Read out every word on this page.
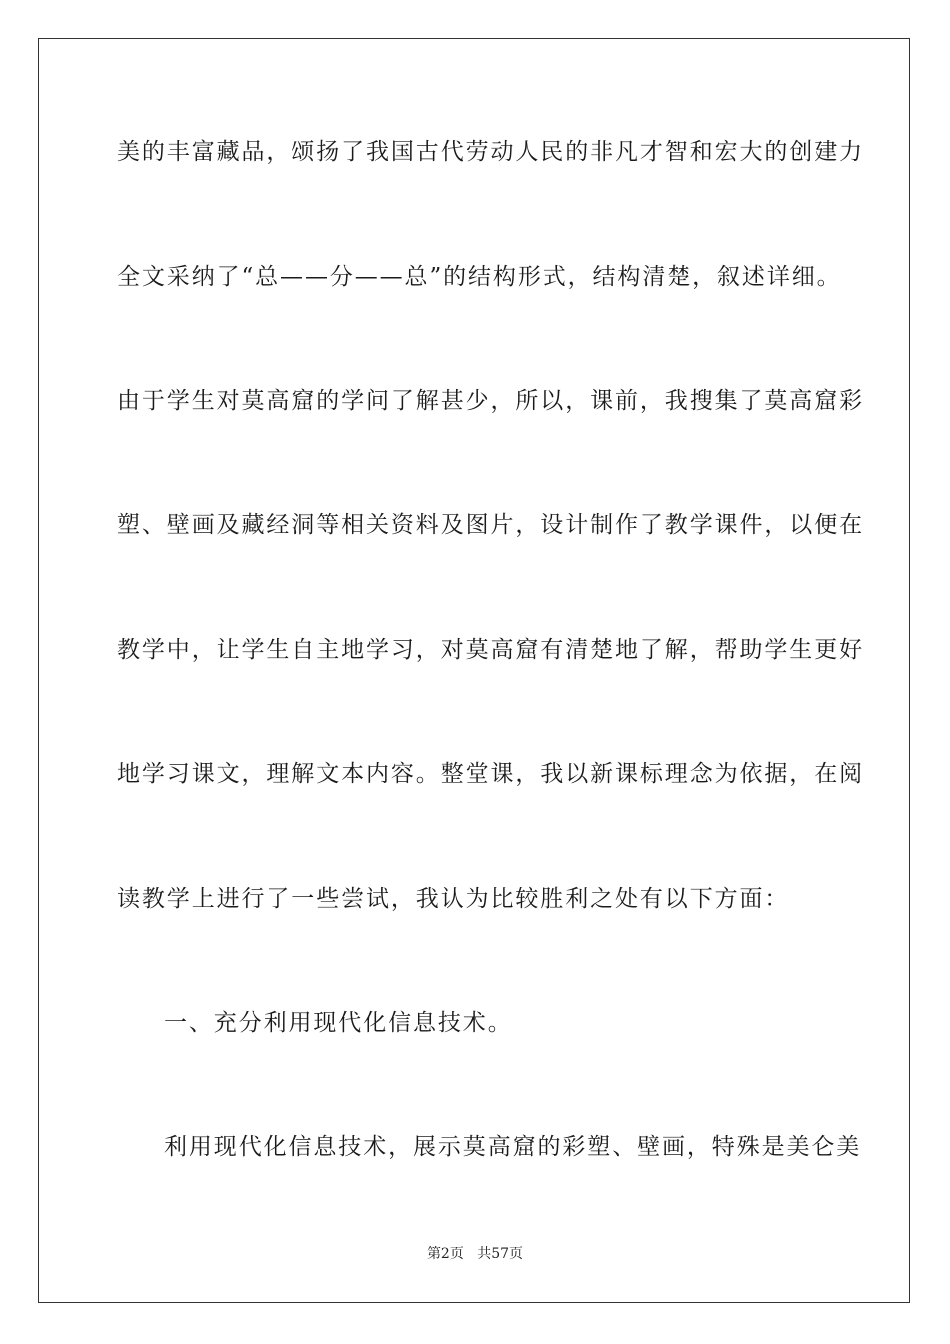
美的丰富藏品，颂扬了我国古代劳动人民的非凡才智和宏大的创建力
全文采纳了“总——分——总”的结构形式，结构清楚，叙述详细。
由于学生对莫高窟的学问了解甚少，所以，课前，我搜集了莫高窟彩
塑、壁画及藏经洞等相关资料及图片，设计制作了教学课件，以便在
教学中，让学生自主地学习，对莫高窟有清楚地了解，帮助学生更好
地学习课文，理解文本内容。整堂课，我以新课标理念为依据，在阅
读教学上进行了一些尝试，我认为比较胜利之处有以下方面：
一、充分利用现代化信息技术。
利用现代化信息技术，展示莫高窟的彩塑、壁画，特殊是美仑美
第2页 共57页
